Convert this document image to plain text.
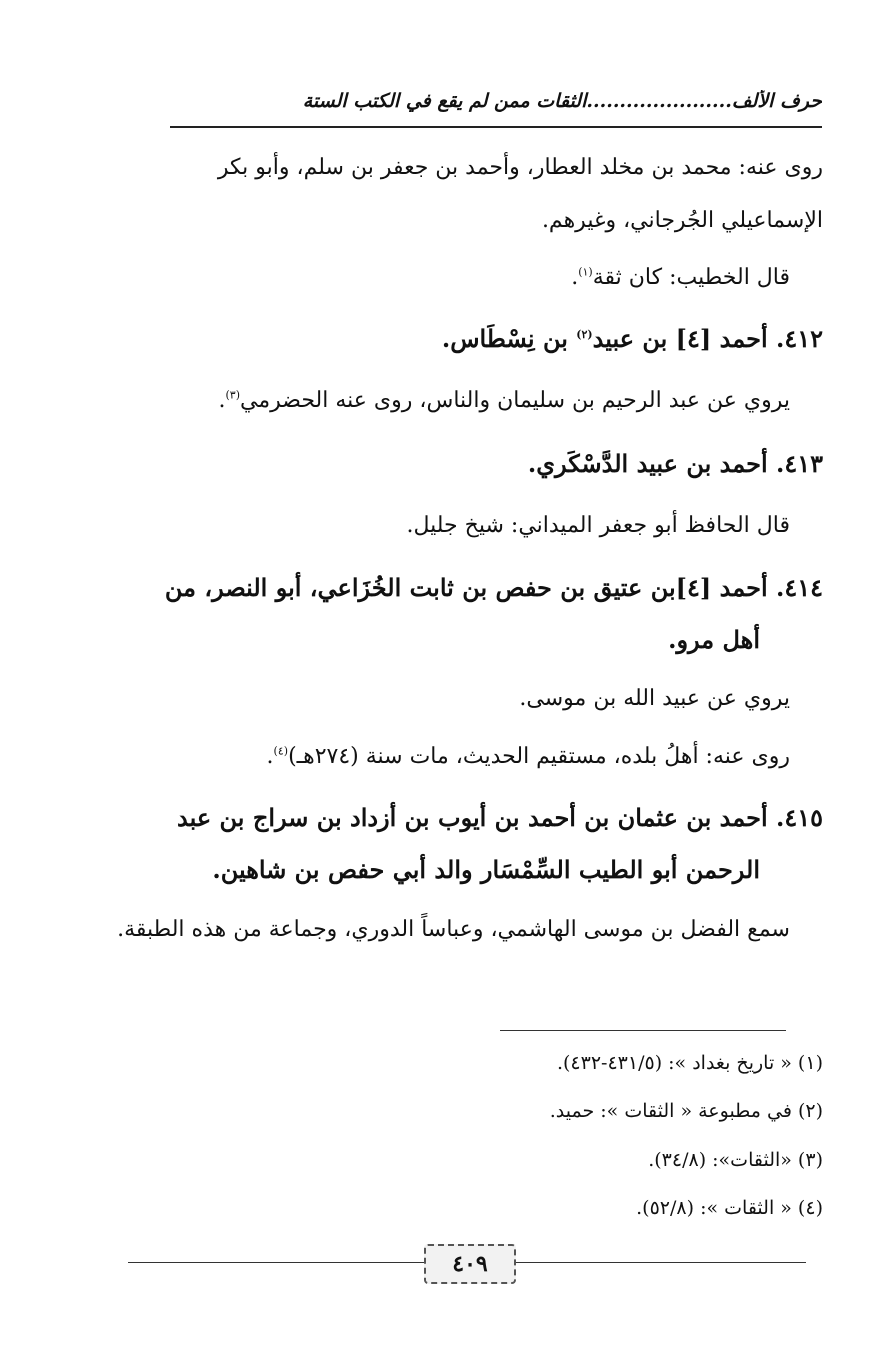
حرف الألف......................الثقات ممن لم يقع في الكتب الستة
روى عنه: محمد بن مخلد العطار، وأحمد بن جعفر بن سلم، وأبو بكر
الإسماعيلي الجُرجاني، وغيرهم.
قال الخطيب: كان ثقة$^{(١)}$.
٤١٢. أحمد [٤] بن عبيد$^{(٢)}$ بن نِسْطَاس.
يروي عن عبد الرحيم بن سليمان والناس، روى عنه الحضرمي$^{(٣)}$.
٤١٣. أحمد بن عبيد الدَّسْكَري.
قال الحافظ أبو جعفر الميداني: شيخ جليل.
٤١٤. أحمد [٤]بن عتيق بن حفص بن ثابت الخُزَاعي، أبو النصر، من
أهل مرو.
يروي عن عبيد الله بن موسى.
روى عنه: أهلُ بلده، مستقيم الحديث، مات سنة (٢٧٤هـ)$^{(٤)}$.
٤١٥. أحمد بن عثمان بن أحمد بن أيوب بن أزداد بن سراج بن عبد
الرحمن أبو الطيب السِّمْسَار والد أبي حفص بن شاهين.
سمع الفضل بن موسى الهاشمي، وعباساً الدوري، وجماعة من هذه الطبقة.
(١) « تاريخ بغداد »: (٤٣١/٥-٤٣٢).
(٢) في مطبوعة « الثقات »: حميد.
(٣) «الثقات»: (٣٤/٨).
(٤) « الثقات »: (٥٢/٨).
٤٠٩
